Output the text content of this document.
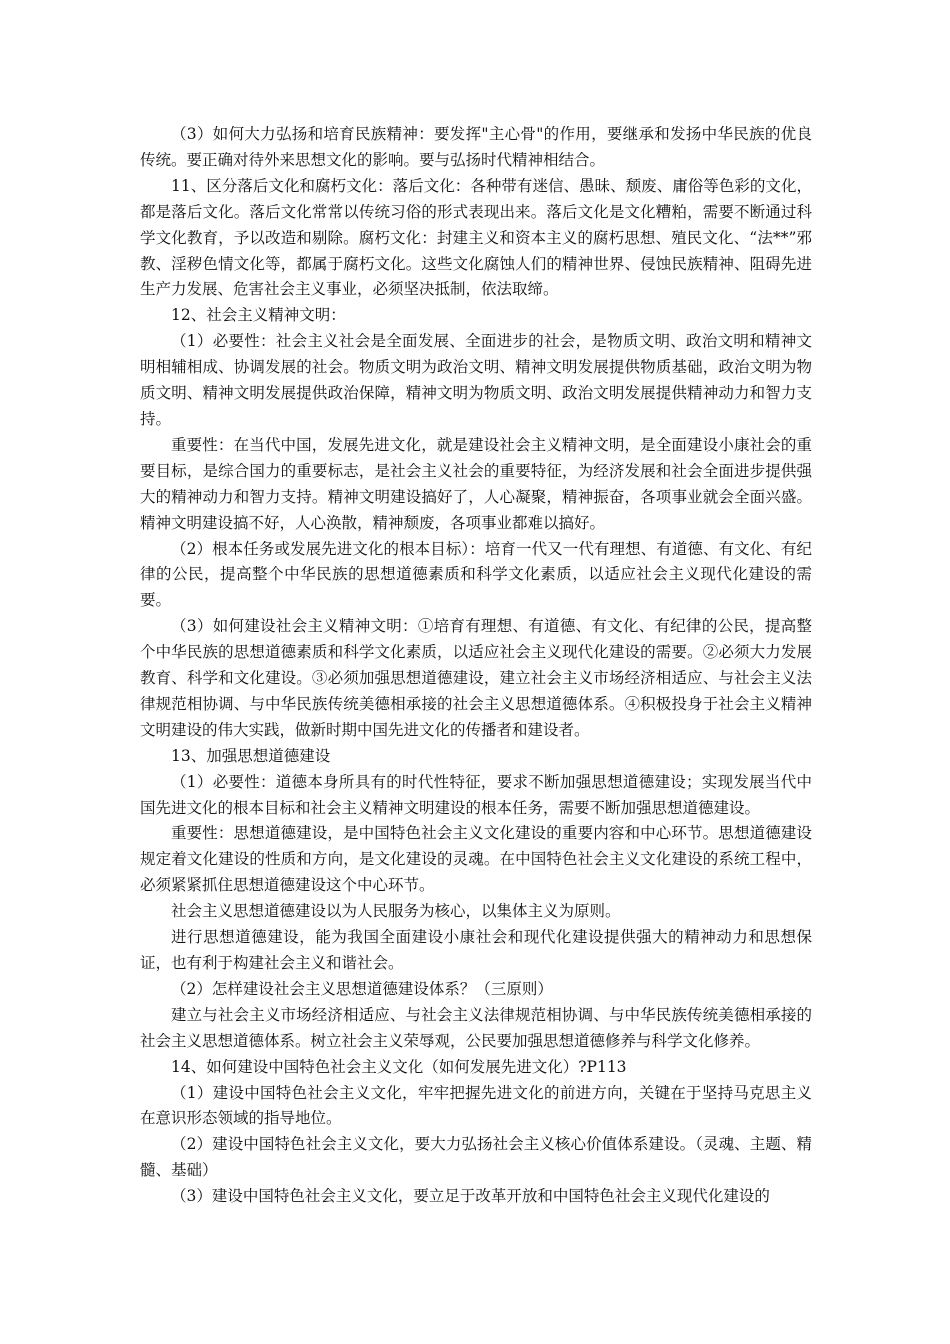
（3）如何大力弘扬和培育民族精神：要发挥"主心骨"的作用，要继承和发扬中华民族的优良传统。要正确对待外来思想文化的影响。要与弘扬时代精神相结合。

11、区分落后文化和腐朽文化：落后文化：各种带有迷信、愚昧、颓废、庸俗等色彩的文化，都是落后文化。落后文化常常以传统习俗的形式表现出来。落后文化是文化糟粕，需要不断通过科学文化教育，予以改造和剔除。腐朽文化：封建主义和资本主义的腐朽思想、殖民文化、“法**”邪教、淫秽色情文化等，都属于腐朽文化。这些文化腐蚀人们的精神世界、侵蚀民族精神、阻碍先进生产力发展、危害社会主义事业，必须坚决抵制，依法取缔。

12、社会主义精神文明：

（1）必要性：社会主义社会是全面发展、全面进步的社会，是物质文明、政治文明和精神文明相辅相成、协调发展的社会。物质文明为政治文明、精神文明发展提供物质基础，政治文明为物质文明、精神文明发展提供政治保障，精神文明为物质文明、政治文明发展提供精神动力和智力支持。

重要性：在当代中国，发展先进文化，就是建设社会主义精神文明，是全面建设小康社会的重要目标，是综合国力的重要标志，是社会主义社会的重要特征，为经济发展和社会全面进步提供强大的精神动力和智力支持。精神文明建设搞好了，人心凝聚，精神振奋，各项事业就会全面兴盛。精神文明建设搞不好，人心涣散，精神颓废，各项事业都难以搞好。

（2）根本任务或发展先进文化的根本目标）：培育一代又一代有理想、有道德、有文化、有纪律的公民，提高整个中华民族的思想道德素质和科学文化素质，以适应社会主义现代化建设的需要。

（3）如何建设社会主义精神文明：①培育有理想、有道德、有文化、有纪律的公民，提高整个中华民族的思想道德素质和科学文化素质，以适应社会主义现代化建设的需要。②必须大力发展教育、科学和文化建设。③必须加强思想道德建设，建立社会主义市场经济相适应、与社会主义法律规范相协调、与中华民族传统美德相承接的社会主义思想道德体系。④积极投身于社会主义精神文明建设的伟大实践，做新时期中国先进文化的传播者和建设者。

13、加强思想道德建设

（1）必要性：道德本身所具有的时代性特征，要求不断加强思想道德建设；实现发展当代中国先进文化的根本目标和社会主义精神文明建设的根本任务，需要不断加强思想道德建设。

重要性：思想道德建设，是中国特色社会主义文化建设的重要内容和中心环节。思想道德建设规定着文化建设的性质和方向，是文化建设的灵魂。在中国特色社会主义文化建设的系统工程中，必须紧紧抓住思想道德建设这个中心环节。

社会主义思想道德建设以为人民服务为核心，以集体主义为原则。

进行思想道德建设，能为我国全面建设小康社会和现代化建设提供强大的精神动力和思想保证，也有利于构建社会主义和谐社会。

（2）怎样建设社会主义思想道德建设体系？（三原则）

建立与社会主义市场经济相适应、与社会主义法律规范相协调、与中华民族传统美德相承接的社会主义思想道德体系。树立社会主义荣辱观，公民要加强思想道德修养与科学文化修养。

14、如何建设中国特色社会主义文化（如何发展先进文化）?P113

（1）建设中国特色社会主义文化，牢牢把握先进文化的前进方向，关键在于坚持马克思主义在意识形态领域的指导地位。

（2）建设中国特色社会主义文化，要大力弘扬社会主义核心价值体系建设。（灵魂、主题、精髓、基础）

（3）建设中国特色社会主义文化，要立足于改革开放和中国特色社会主义现代化建设的
